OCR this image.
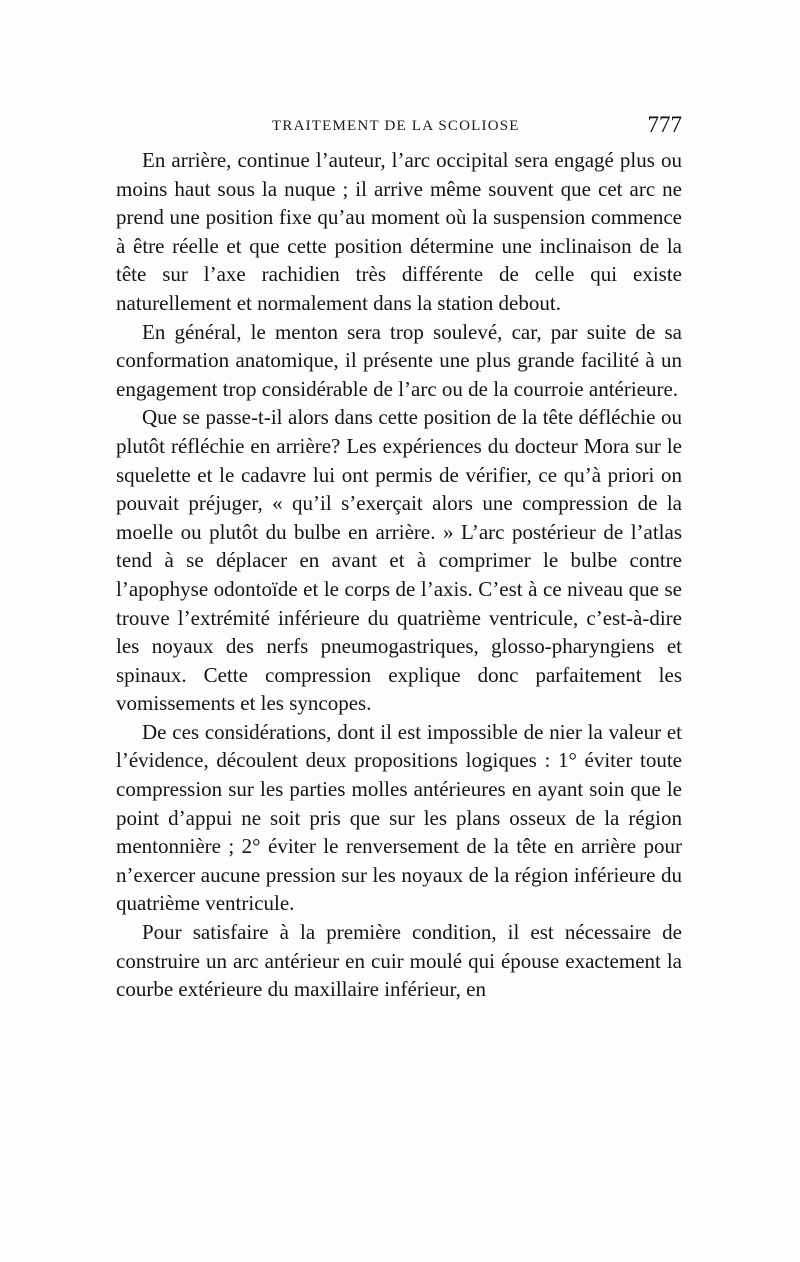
TRAITEMENT DE LA SCOLIOSE	777

En arrière, continue l’auteur, l’arc occipital sera engagé plus ou moins haut sous la nuque ; il arrive même souvent que cet arc ne prend une position fixe qu’au moment où la suspension commence à être réelle et que cette position détermine une inclinaison de la tête sur l’axe rachidien très différente de celle qui existe naturellement et normalement dans la station debout.

En général, le menton sera trop soulevé, car, par suite de sa conformation anatomique, il présente une plus grande facilité à un engagement trop considérable de l’arc ou de la courroie antérieure.

Que se passe-t-il alors dans cette position de la tête défléchie ou plutôt réfléchie en arrière? Les expériences du docteur Mora sur le squelette et le cadavre lui ont permis de vérifier, ce qu’à priori on pouvait préjuger, « qu’il s’exerçait alors une compression de la moelle ou plutôt du bulbe en arrière. » L’arc postérieur de l’atlas tend à se déplacer en avant et à comprimer le bulbe contre l’apophyse odontoïde et le corps de l’axis. C’est à ce niveau que se trouve l’extrémité inférieure du quatrième ventricule, c’est-à-dire les noyaux des nerfs pneumogastriques, glosso-pharyngiens et spinaux. Cette compression explique donc parfaitement les vomissements et les syncopes.

De ces considérations, dont il est impossible de nier la valeur et l’évidence, découlent deux propositions logiques : 1° éviter toute compression sur les parties molles antérieures en ayant soin que le point d’appui ne soit pris que sur les plans osseux de la région mentonnière ; 2° éviter le renversement de la tête en arrière pour n’exercer aucune pression sur les noyaux de la région inférieure du quatrième ventricule.

Pour satisfaire à la première condition, il est nécessaire de construire un arc antérieur en cuir moulé qui épouse exactement la courbe extérieure du maxillaire inférieur, en
